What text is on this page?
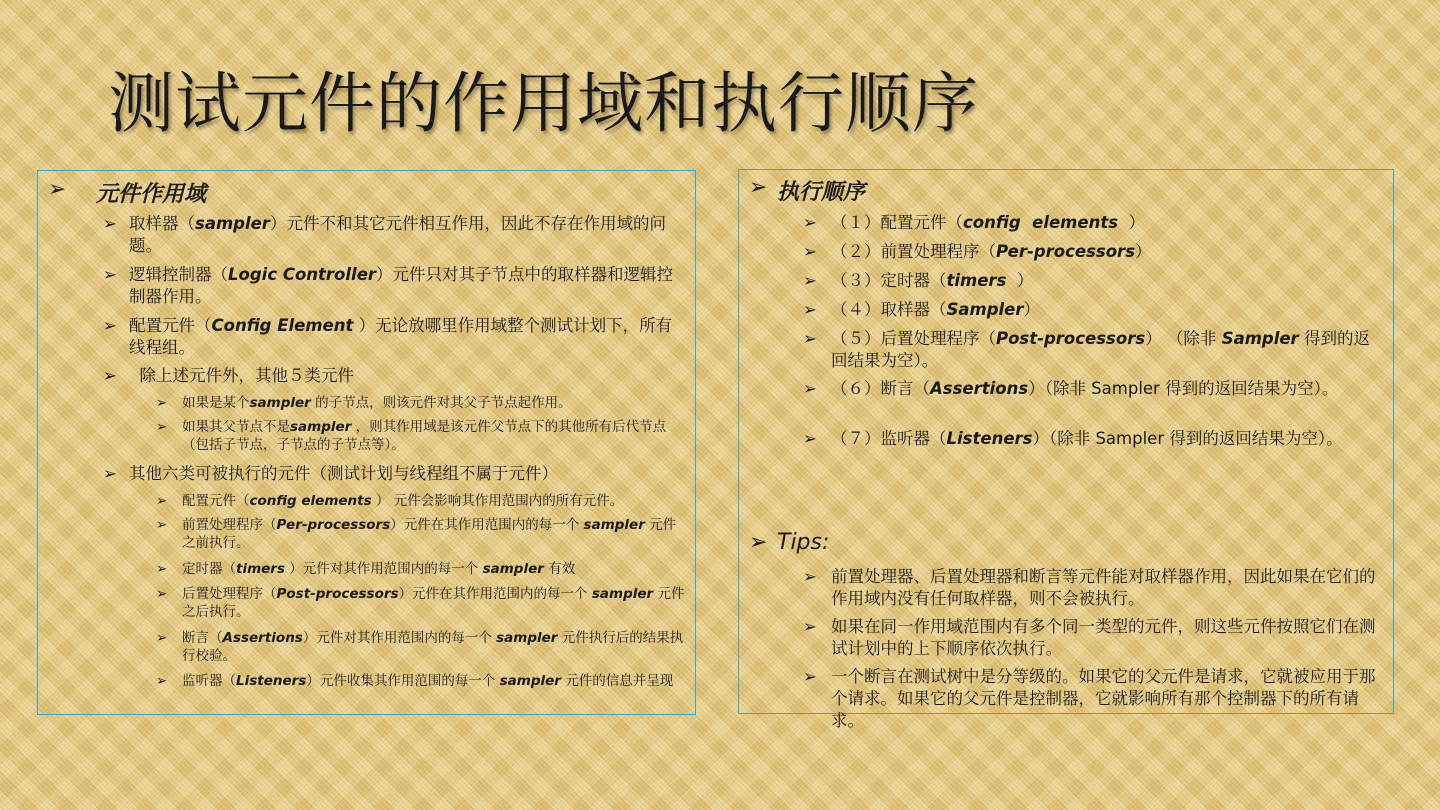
测试元件的作用域和执行顺序
➢	元件作用域
➢ 取样器（sampler）元件不和其它元件相互作用，因此不存在作用域的问题。
➢ 逻辑控制器（Logic Controller）元件只对其子节点中的取样器和逻辑控制器作用。
➢ 配置元件（Config Element ）无论放哪里作用域整个测试计划下，所有线程组。
➢ 除上述元件外，其他５类元件
➢	如果是某个sampler 的子节点，则该元件对其父子节点起作用。
➢	如果其父节点不是sampler ，则其作用域是该元件父节点下的其他所有后代节点（包括子节点，子节点的子节点等）。
➢ 其他六类可被执行的元件（测试计划与线程组不属于元件）
➢	配置元件（config elements ） 元件会影响其作用范围内的所有元件。
➢	前置处理程序（Per-processors）元件在其作用范围内的每一个 sampler 元件之前执行。
➢	定时器（timers ）元件对其作用范围内的每一个 sampler 有效
➢	后置处理程序（Post-processors）元件在其作用范围内的每一个 sampler 元件之后执行。
➢	断言（Assertions）元件对其作用范围内的每一个 sampler 元件执行后的结果执行校验。
➢	监听器（Listeners）元件收集其作用范围的每一个 sampler 元件的信息并呈现
➢ 执行顺序
➢ （１）配置元件（config  elements  ）
➢ （２）前置处理程序（Per-processors）
➢ （３）定时器（timers  ）
➢ （４）取样器（Sampler）
➢ （５）后置处理程序（Post-processors） （除非 Sampler 得到的返回结果为空）。
➢ （６）断言（Assertions）（除非 Sampler 得到的返回结果为空）。
➢ （７）监听器（Listeners）（除非 Sampler 得到的返回结果为空）。
➢ Tips:
➢ 前置处理器、后置处理器和断言等元件能对取样器作用，因此如果在它们的作用域内没有任何取样器，则不会被执行。
➢ 如果在同一作用域范围内有多个同一类型的元件，则这些元件按照它们在测试计划中的上下顺序依次执行。
➢ 一个断言在测试树中是分等级的。如果它的父元件是请求，它就被应用于那个请求。如果它的父元件是控制器，它就影响所有那个控制器下的所有请求。
